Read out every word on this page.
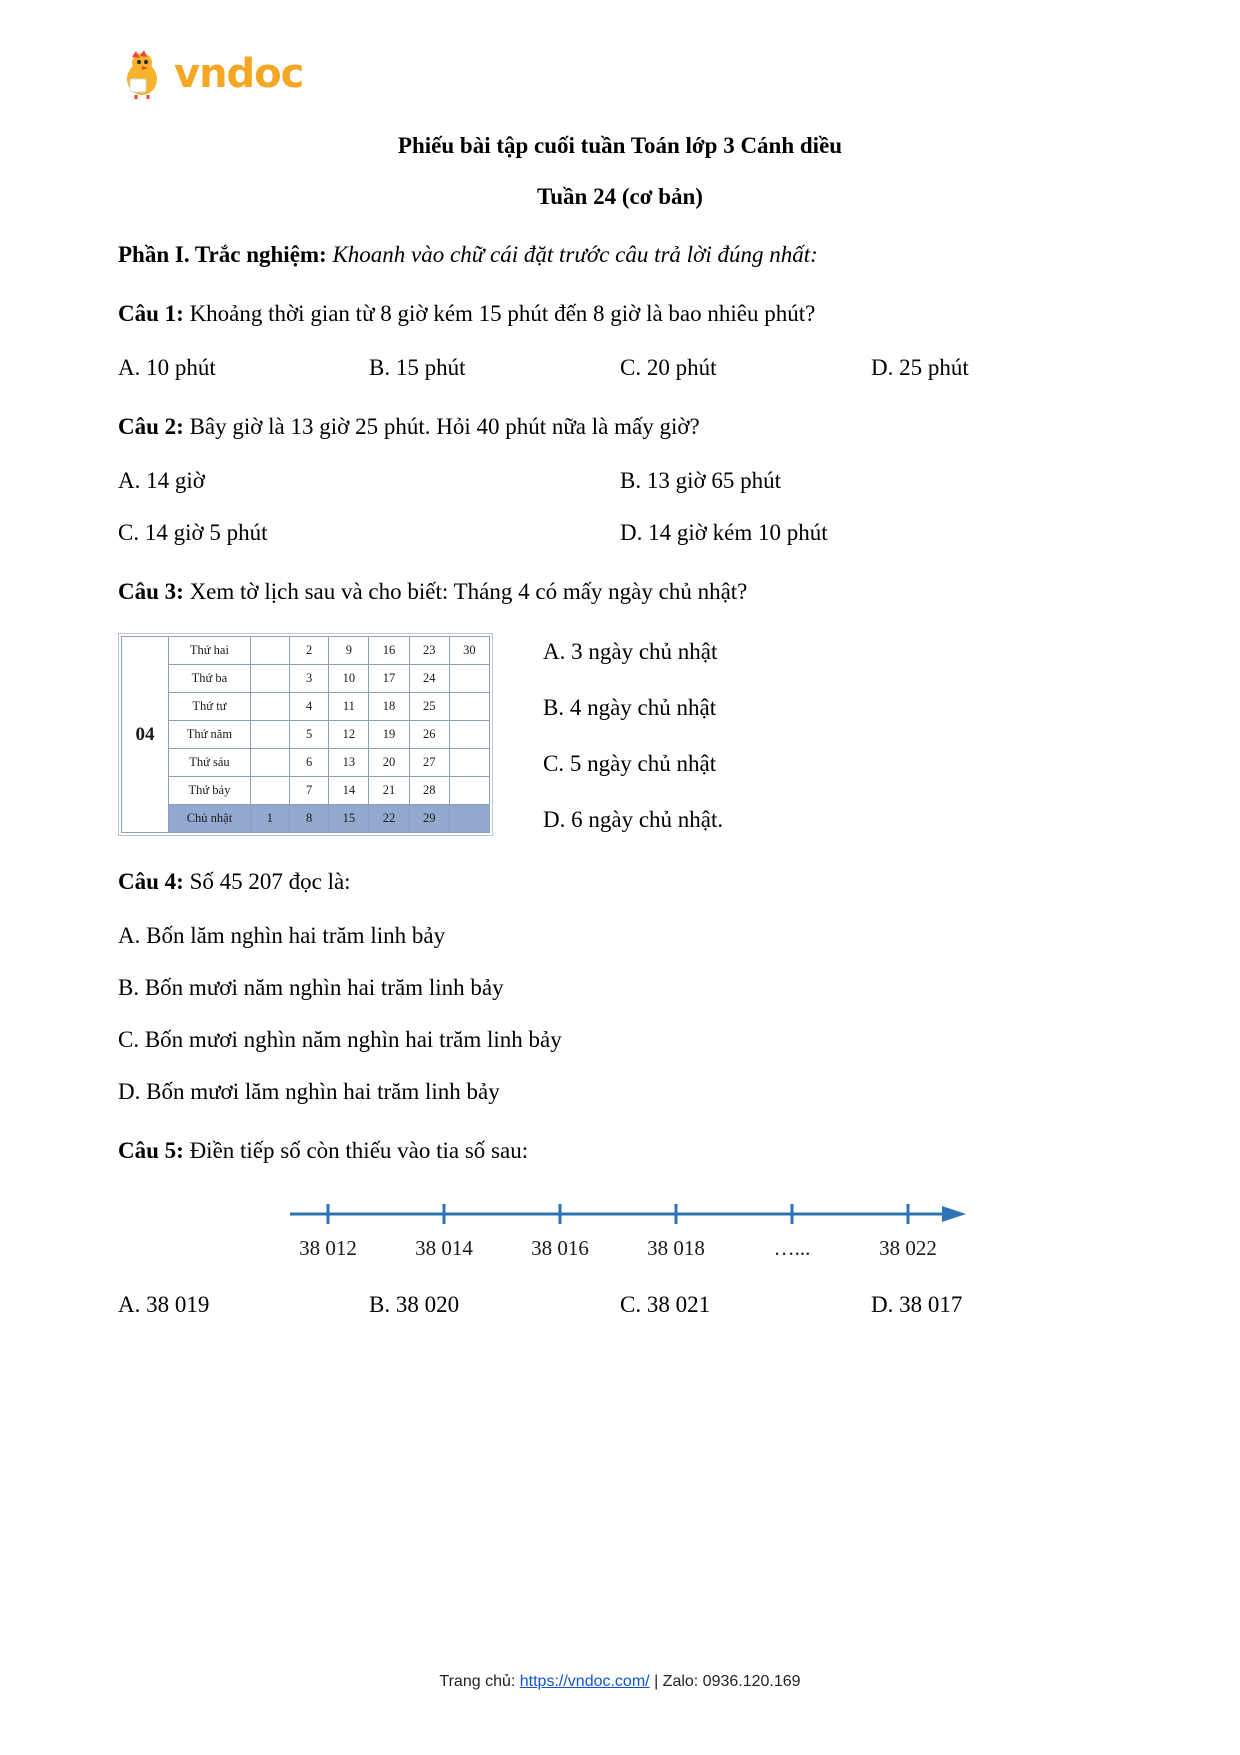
vndoc
Phiếu bài tập cuối tuần Toán lớp 3 Cánh diều
Tuần 24 (cơ bản)

Phần I. Trắc nghiệm: Khoanh vào chữ cái đặt trước câu trả lời đúng nhất:

Câu 1: Khoảng thời gian từ 8 giờ kém 15 phút đến 8 giờ là bao nhiêu phút?

A. 10 phút	B. 15 phút	C. 20 phút	D. 25 phút

Câu 2: Bây giờ là 13 giờ 25 phút. Hỏi 40 phút nữa là mấy giờ?

A. 14 giờ	B. 13 giờ 65 phút
C. 14 giờ 5 phút	D. 14 giờ kém 10 phút

Câu 3: Xem tờ lịch sau và cho biết: Tháng 4 có mấy ngày chủ nhật?

04	Thứ hai		2	9	16	23	30
	Thứ ba		3	10	17	24	
	Thứ tư		4	11	18	25	
	Thứ năm		5	12	19	26	
	Thứ sáu		6	13	20	27	
	Thứ bảy		7	14	21	28	
	Chủ nhật	1	8	15	22	29	
A. 3 ngày chủ nhật
B. 4 ngày chủ nhật
C. 5 ngày chủ nhật
D. 6 ngày chủ nhật.

Câu 4: Số 45 207 đọc là:

A. Bốn lăm nghìn hai trăm linh bảy
B. Bốn mươi năm nghìn hai trăm linh bảy
C. Bốn mươi nghìn năm nghìn hai trăm linh bảy
D. Bốn mươi lăm nghìn hai trăm linh bảy

Câu 5: Điền tiếp số còn thiếu vào tia số sau:

38 012	38 014	38 016	38 018	…...	38 022
A. 38 019	B. 38 020	C. 38 021	D. 38 017
Trang chủ: https://vndoc.com/ | Zalo: 0936.120.169
